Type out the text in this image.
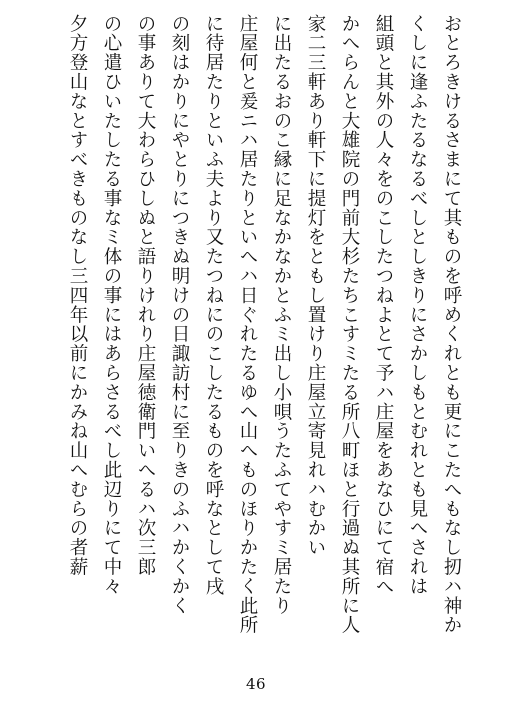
おとろきけるさまにて其ものを呼めくれとも更にこたへもなし扨ハ神か
くしに逢ふたるなるべしとしきりにさかしもとむれとも見へされは
組頭と其外の人々をのこしたつねよとて予ハ庄屋をあなひにて宿へ
かへらんと大雄院の門前大杉たちこすミたる所八町ほと行過ぬ其所に人
家二三軒あり軒下に提灯をともし置けり庄屋立寄見れハむかい
に出たるおのこ縁に足なかなかとふミ出し小唄うたふてやすミ居たり
庄屋何と爰ニハ居たりといへハ日ぐれたるゆへ山へものほりかたく此所
に待居たりといふ夫より又たつねにのこしたるものを呼なとして戌
の刻はかりにやとりにつきぬ明けの日諏訪村に至りきのふハかくかく
の事ありて大わらひしぬと語りけれり庄屋徳衛門いへるハ次三郎
の心遣ひいたしたる事なミ体の事にはあらさるべし此辺りにて中々
夕方登山なとすべきものなし三四年以前にかみね山へむらの者薪
46
